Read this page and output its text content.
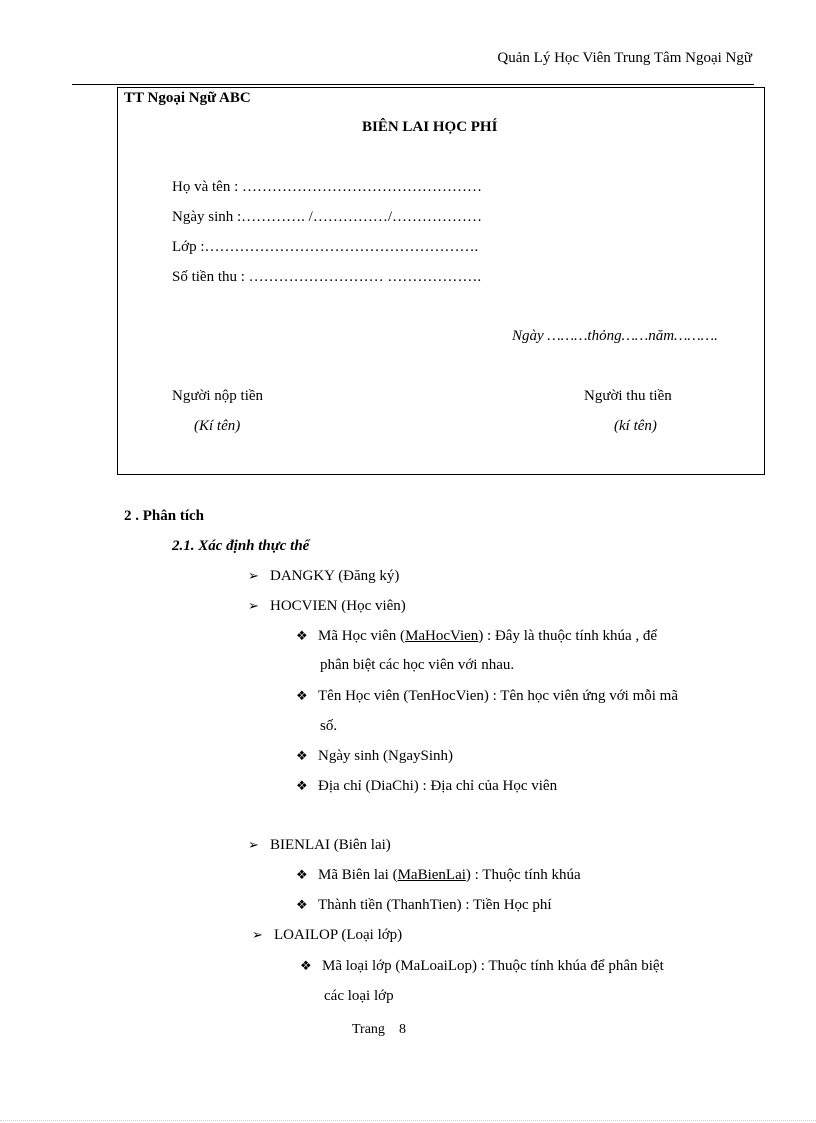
Quản Lý Học Viên Trung Tâm Ngoại Ngữ
TT Ngoại Ngữ ABC
BIÊN LAI HỌC PHÍ
Họ và tên : …………………………………………
Ngày sinh :…………. /……………/………………
Lớp :……………………………………………….
Số tiền thu : ……………………… ……………….
Ngày ………thỏng……năm……….
Người nộp tiền
(Kí tên)
Người thu tiền
(kí tên)
2 . Phân tích
2.1. Xác định thực thể
➢ DANGKY (Đăng ký)
➢ HOCVIEN (Học viên)
❖ Mã Học viên (MaHocVien) : Đây là thuộc tính khúa , để
phân biệt các học viên với nhau.
❖ Tên Học viên (TenHocVien) : Tên học viên ứng với mỗi mã
số.
❖ Ngày sinh (NgaySinh)
❖ Địa chỉ (DiaChi) : Địa chỉ của Học viên
➢ BIENLAI (Biên lai)
❖ Mã Biên lai (MaBienLai) : Thuộc tính khúa
❖ Thành tiền (ThanhTien) : Tiền Học phí
➢ LOAILOP (Loại lớp)
❖ Mã loại lớp (MaLoaiLop) : Thuộc tính khúa để phân biệt
các loại lớp
Trang 8
